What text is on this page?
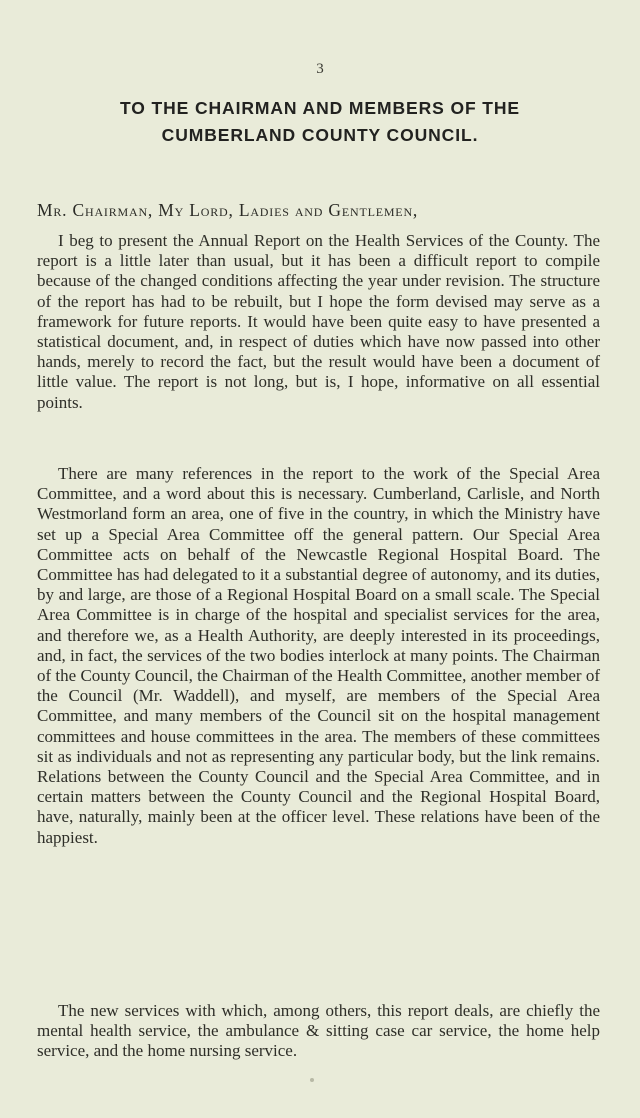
3
TO THE CHAIRMAN AND MEMBERS OF THE
CUMBERLAND COUNTY COUNCIL.
Mr. Chairman, My Lord, Ladies and Gentlemen,

I beg to present the Annual Report on the Health Services of the County. The report is a little later than usual, but it has been a difficult report to compile because of the changed conditions affecting the year under revision. The structure of the report has had to be rebuilt, but I hope the form devised may serve as a framework for future reports. It would have been quite easy to have presented a statistical document, and, in respect of duties which have now passed into other hands, merely to record the fact, but the result would have been a document of little value. The report is not long, but is, I hope, informative on all essential points.

There are many references in the report to the work of the Special Area Committee, and a word about this is necessary. Cumberland, Carlisle, and North Westmorland form an area, one of five in the country, in which the Ministry have set up a Special Area Committee off the general pattern. Our Special Area Committee acts on behalf of the Newcastle Regional Hospital Board. The Committee has had delegated to it a substantial degree of autonomy, and its duties, by and large, are those of a Regional Hospital Board on a small scale. The Special Area Committee is in charge of the hospital and specialist services for the area, and therefore we, as a Health Authority, are deeply interested in its proceedings, and, in fact, the services of the two bodies interlock at many points. The Chairman of the County Council, the Chairman of the Health Committee, another member of the Council (Mr. Waddell), and myself, are members of the Special Area Committee, and many members of the Council sit on the hospital management committees and house committees in the area. The members of these committees sit as individuals and not as representing any particular body, but the link remains. Relations between the County Council and the Special Area Committee, and in certain matters between the County Council and the Regional Hospital Board, have, naturally, mainly been at the officer level. These relations have been of the happiest.

The new services with which, among others, this report deals, are chiefly the mental health service, the ambulance & sitting case car service, the home help service, and the home nursing service.
